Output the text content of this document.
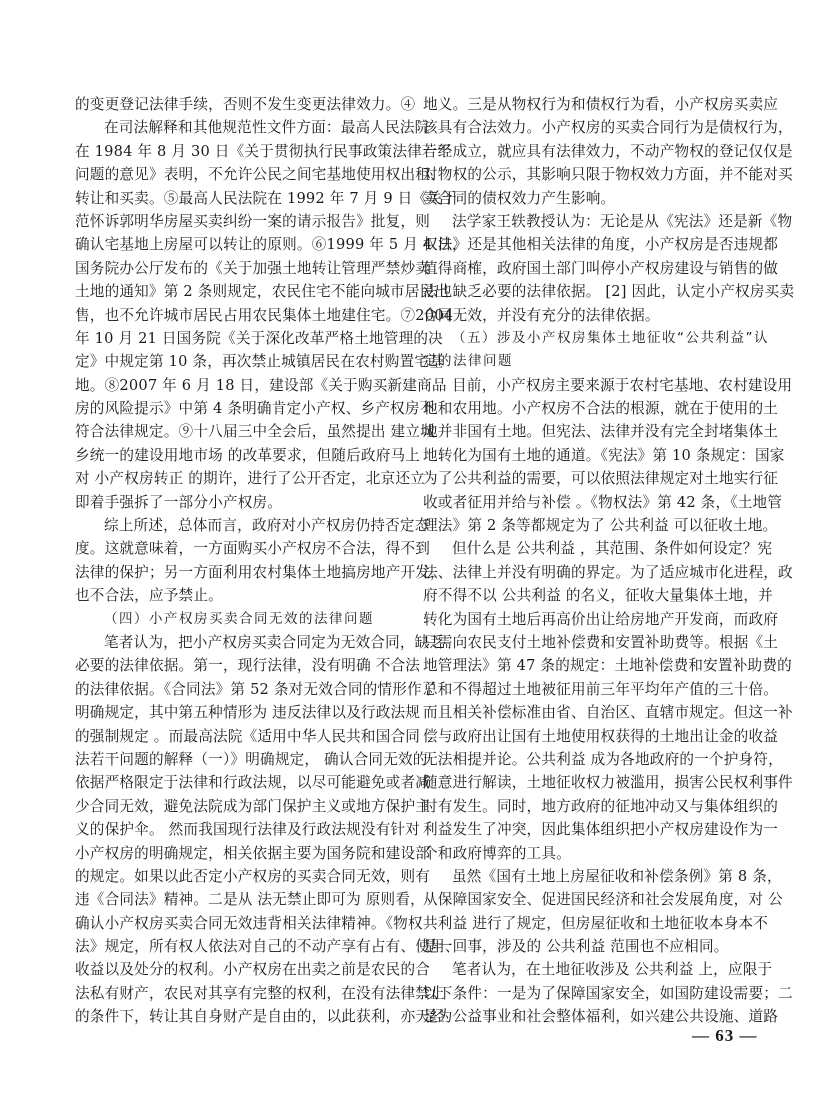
的变更登记法律手续，否则不发生变更法律效力。④
在司法解释和其他规范性文件方面：最高人民法院
在 1984 年 8 月 30 日《关于贯彻执行民事政策法律若干
问题的意见》表明，不允许公民之间宅基地使用权出租、
转让和买卖。⑤最高人民法院在 1992 年 7 月 9 日《关于
范怀诉郭明华房屋买卖纠纷一案的请示报告》批复，则
确认宅基地上房屋可以转让的原则。⑥1999 年 5 月 4 日，
国务院办公厅发布的《关于加强土地转让管理严禁炒卖
土地的通知》第 2 条则规定，农民住宅不能向城市居民出
售，也不允许城市居民占用农民集体土地建住宅。⑦2004
年 10 月 21 日国务院《关于深化改革严格土地管理的决
定》中规定第 10 条，再次禁止城镇居民在农村购置宅基
地。⑧2007 年 6 月 18 日，建设部《关于购买新建商品
房的风险提示》中第 4 条明确肯定小产权、乡产权房不
符合法律规定。⑨十八届三中全会后，虽然提出 建立城
乡统一的建设用地市场 的改革要求，但随后政府马上
对 小产权房转正 的期许，进行了公开否定，北京还立
即着手强拆了一部分小产权房。
综上所述，总体而言，政府对小产权房仍持否定态
度。这就意味着，一方面购买小产权房不合法，得不到
法律的保护；另一方面利用农村集体土地搞房地产开发，
也不合法，应予禁止。
（四）小产权房买卖合同无效的法律问题
笔者认为，把小产权房买卖合同定为无效合同，缺乏
必要的法律依据。第一，现行法律，没有明确 不合法
的法律依据。《合同法》第 52 条对无效合同的情形作了
明确规定，其中第五种情形为 违反法律以及行政法规
的强制规定 。而最高法院《适用中华人民共和国合同
法若干问题的解释（一）》明确规定， 确认合同无效的
依据严格限定于法律和行政法规，以尽可能避免或者减
少合同无效，避免法院成为部门保护主义或地方保护主
义的保护伞。 然而我国现行法律及行政法规没有针对
小产权房的明确规定，相关依据主要为国务院和建设部
的规定。如果以此否定小产权房的买卖合同无效，则有
违《合同法》精神。二是从 法无禁止即可为 原则看，
确认小产权房买卖合同无效违背相关法律精神。《物权
法》规定，所有权人依法对自己的不动产享有占有、使用、
收益以及处分的权利。小产权房在出卖之前是农民的合
法私有财产，农民对其享有完整的权利，在没有法律禁止
的条件下，转让其自身财产是自由的，以此获利，亦天经
地义。三是从物权行为和债权行为看，小产权房买卖应
该具有合法效力。小产权房的买卖合同行为是债权行为，
一经成立，就应具有法律效力，不动产物权的登记仅仅是
对物权的公示，其影响只限于物权效力方面，并不能对买
卖合同的债权效力产生影响。
法学家王轶教授认为：无论是从《宪法》还是新《物
权法》还是其他相关法律的角度，小产权房是否违规都
值得商榷，政府国土部门叫停小产权房建设与销售的做
法也缺乏必要的法律依据。 [2] 因此，认定小产权房买卖
合同无效，并没有充分的法律依据。
（五）涉及小产权房集体土地征收“公共利益”认
定的法律问题
目前，小产权房主要来源于农村宅基地、农村建设用
地和农用地。小产权房不合法的根源，就在于使用的土
地并非国有土地。但宪法、法律并没有完全封堵集体土
地转化为国有土地的通道。《宪法》第 10 条规定：国家
为了公共利益的需要，可以依照法律规定对土地实行征
收或者征用并给与补偿 。《物权法》第 42 条，《土地管
理法》第 2 条等都规定为了 公共利益 可以征收土地。
但什么是 公共利益 ，其范围、条件如何设定？宪
法、法律上并没有明确的界定。为了适应城市化进程，政
府不得不以 公共利益 的名义，征收大量集体土地，并
转化为国有土地后再高价出让给房地产开发商，而政府
只需向农民支付土地补偿费和安置补助费等。根据《土
地管理法》第 47 条的规定：土地补偿费和安置补助费的
总和不得超过土地被征用前三年平均年产值的三十倍。
而且相关补偿标准由省、自治区、直辖市规定。但这一补
偿与政府出让国有土地使用权获得的土地出让金的收益
无法相提并论。公共利益 成为各地政府的一个护身符，
随意进行解读，土地征收权力被滥用，损害公民权利事件
时有发生。同时，地方政府的征地冲动又与集体组织的
利益发生了冲突，因此集体组织把小产权房建设作为一
个和政府博弈的工具。
虽然《国有土地上房屋征收和补偿条例》第 8 条，
从保障国家安全、促进国民经济和社会发展角度，对 公
共利益 进行了规定，但房屋征收和土地征收本身本不
是一回事，涉及的 公共利益 范围也不应相同。
笔者认为，在土地征收涉及 公共利益 上，应限于
以下条件：一是为了保障国家安全，如国防建设需要；二
是为公益事业和社会整体福利，如兴建公共设施、道路
— 63 —
